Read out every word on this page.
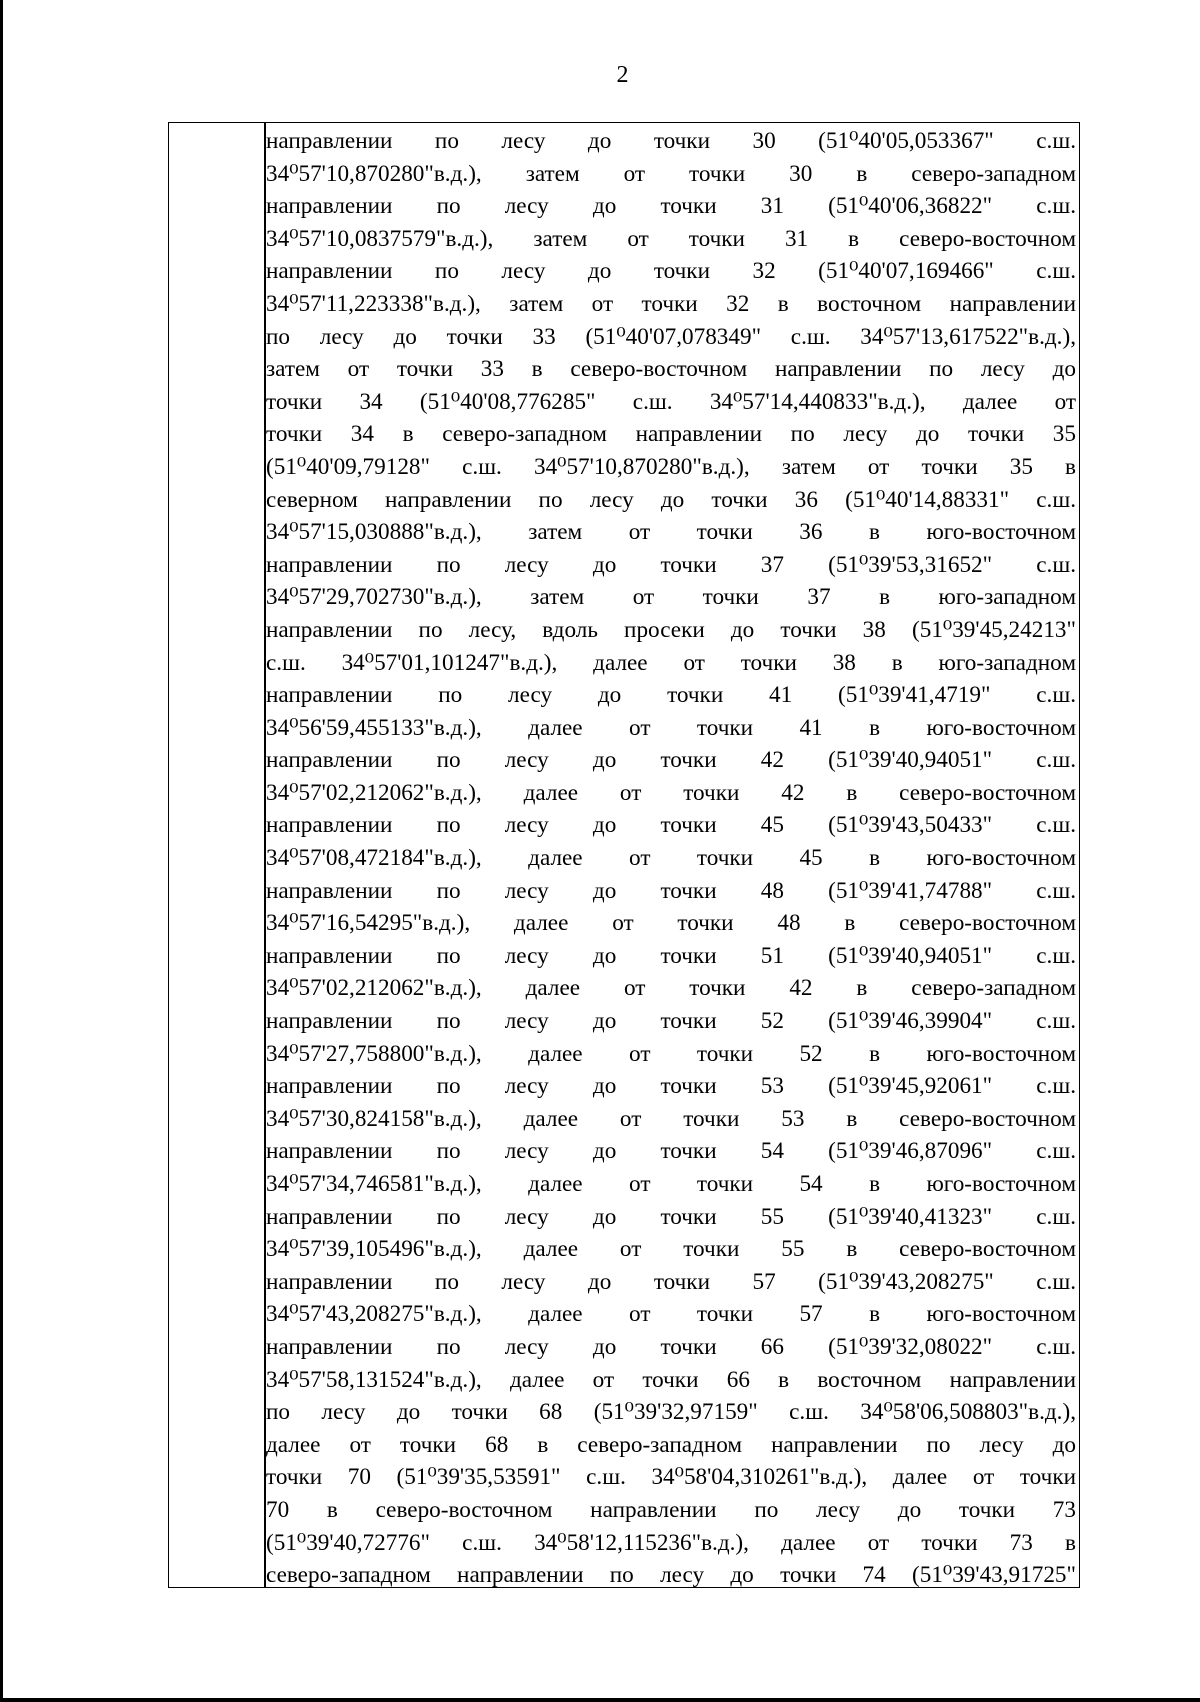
2
направлении по лесу до точки 30 (51⁰40'05,053367" с.ш.
34⁰57'10,870280"в.д.), затем от точки 30 в северо-западном
направлении по лесу до точки 31 (51⁰40'06,36822" с.ш.
34⁰57'10,0837579"в.д.), затем от точки 31 в северо-восточном
направлении по лесу до точки 32 (51⁰40'07,169466" с.ш.
34⁰57'11,223338"в.д.), затем от точки 32 в восточном направлении
по лесу до точки 33 (51⁰40'07,078349" с.ш. 34⁰57'13,617522"в.д.),
затем от точки 33 в северо-восточном направлении по лесу до
точки 34 (51⁰40'08,776285" с.ш. 34⁰57'14,440833"в.д.), далее от
точки 34 в северо-западном направлении по лесу до точки 35
(51⁰40'09,79128" с.ш. 34⁰57'10,870280"в.д.), затем от точки 35 в
северном направлении по лесу до точки 36 (51⁰40'14,88331" с.ш.
34⁰57'15,030888"в.д.), затем от точки 36 в юго-восточном
направлении по лесу до точки 37 (51⁰39'53,31652" с.ш.
34⁰57'29,702730"в.д.), затем от точки 37 в юго-западном
направлении по лесу, вдоль просеки до точки 38 (51⁰39'45,24213"
с.ш. 34⁰57'01,101247"в.д.), далее от точки 38 в юго-западном
направлении по лесу до точки 41 (51⁰39'41,4719" с.ш.
34⁰56'59,455133"в.д.), далее от точки 41 в юго-восточном
направлении по лесу до точки 42 (51⁰39'40,94051" с.ш.
34⁰57'02,212062"в.д.), далее от точки 42 в северо-восточном
направлении по лесу до точки 45 (51⁰39'43,50433" с.ш.
34⁰57'08,472184"в.д.), далее от точки 45 в юго-восточном
направлении по лесу до точки 48 (51⁰39'41,74788" с.ш.
34⁰57'16,54295"в.д.), далее от точки 48 в северо-восточном
направлении по лесу до точки 51 (51⁰39'40,94051" с.ш.
34⁰57'02,212062"в.д.), далее от точки 42 в северо-западном
направлении по лесу до точки 52 (51⁰39'46,39904" с.ш.
34⁰57'27,758800"в.д.), далее от точки 52 в юго-восточном
направлении по лесу до точки 53 (51⁰39'45,92061" с.ш.
34⁰57'30,824158"в.д.), далее от точки 53 в северо-восточном
направлении по лесу до точки 54 (51⁰39'46,87096" с.ш.
34⁰57'34,746581"в.д.), далее от точки 54 в юго-восточном
направлении по лесу до точки 55 (51⁰39'40,41323" с.ш.
34⁰57'39,105496"в.д.), далее от точки 55 в северо-восточном
направлении по лесу до точки 57 (51⁰39'43,208275" с.ш.
34⁰57'43,208275"в.д.), далее от точки 57 в юго-восточном
направлении по лесу до точки 66 (51⁰39'32,08022" с.ш.
34⁰57'58,131524"в.д.), далее от точки 66 в восточном направлении
по лесу до точки 68 (51⁰39'32,97159" с.ш. 34⁰58'06,508803"в.д.),
далее от точки 68 в северо-западном направлении по лесу до
точки 70 (51⁰39'35,53591" с.ш. 34⁰58'04,310261"в.д.), далее от точки
70 в северо-восточном направлении по лесу до точки 73
(51⁰39'40,72776" с.ш. 34⁰58'12,115236"в.д.), далее от точки 73 в
северо-западном направлении по лесу до точки 74 (51⁰39'43,91725"
